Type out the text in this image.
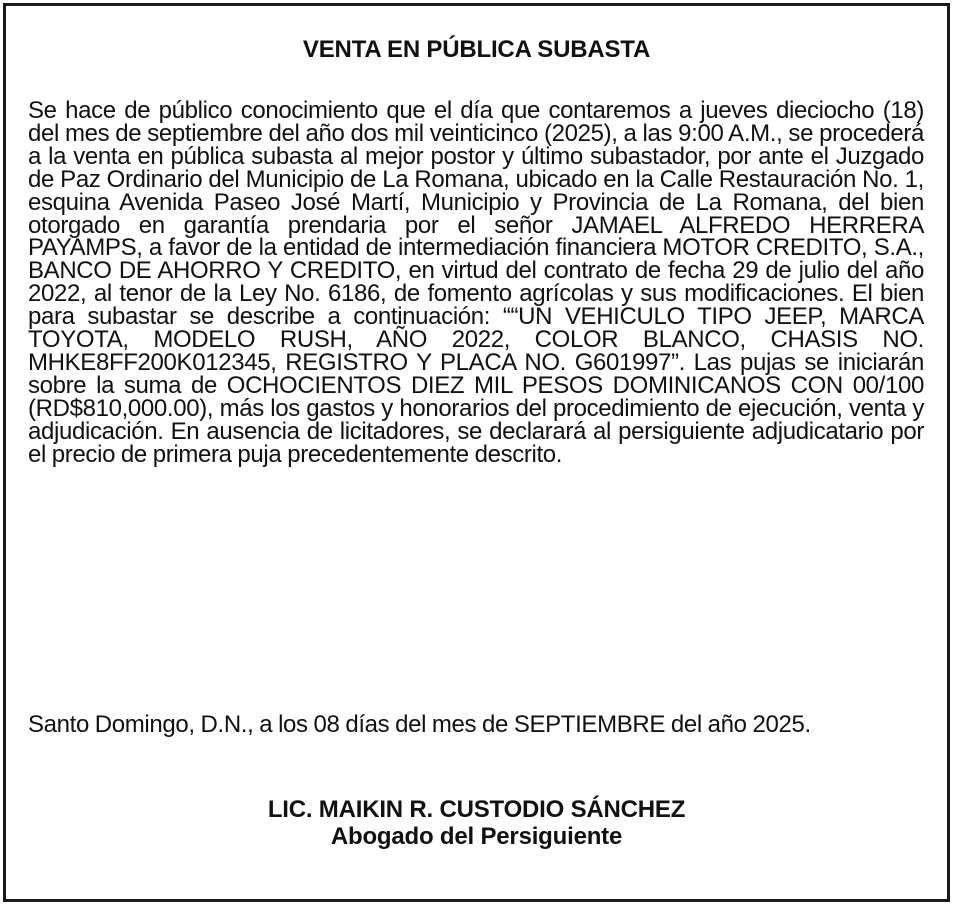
VENTA EN PÚBLICA SUBASTA

Se hace de público conocimiento que el día que contaremos a jueves dieciocho (18) del mes de septiembre del año dos mil veinticinco (2025), a las 9:00 A.M., se procederá a la venta en pública subasta al mejor postor y último subastador, por ante el Juzgado de Paz Ordinario del Municipio de La Romana, ubicado en la Calle Restauración No. 1, esquina Avenida Paseo José Martí, Municipio y Provincia de La Romana, del bien otorgado en garantía prendaria por el señor JAMAEL ALFREDO HERRERA PAYAMPS, a favor de la entidad de intermediación financiera MOTOR CREDITO, S.A., BANCO DE AHORRO Y CREDITO, en virtud del contrato de fecha 29 de julio del año 2022, al tenor de la Ley No. 6186, de fomento agrícolas y sus modificaciones. El bien para subastar se describe a continuación: ““UN VEHICULO TIPO JEEP, MARCA TOYOTA, MODELO RUSH, AÑO 2022, COLOR BLANCO, CHASIS NO. MHKE8FF200K012345, REGISTRO Y PLACA NO. G601997”. Las pujas se iniciarán sobre la suma de OCHOCIENTOS DIEZ MIL PESOS DOMINICANOS CON 00/100 (RD$810,000.00), más los gastos y honorarios del procedimiento de ejecución, venta y adjudicación. En ausencia de licitadores, se declarará al persiguiente adjudicatario por el precio de primera puja precedentemente descrito.

Santo Domingo, D.N., a los 08 días del mes de SEPTIEMBRE del año 2025.

LIC. MAIKIN R. CUSTODIO SÁNCHEZ
Abogado del Persiguiente
